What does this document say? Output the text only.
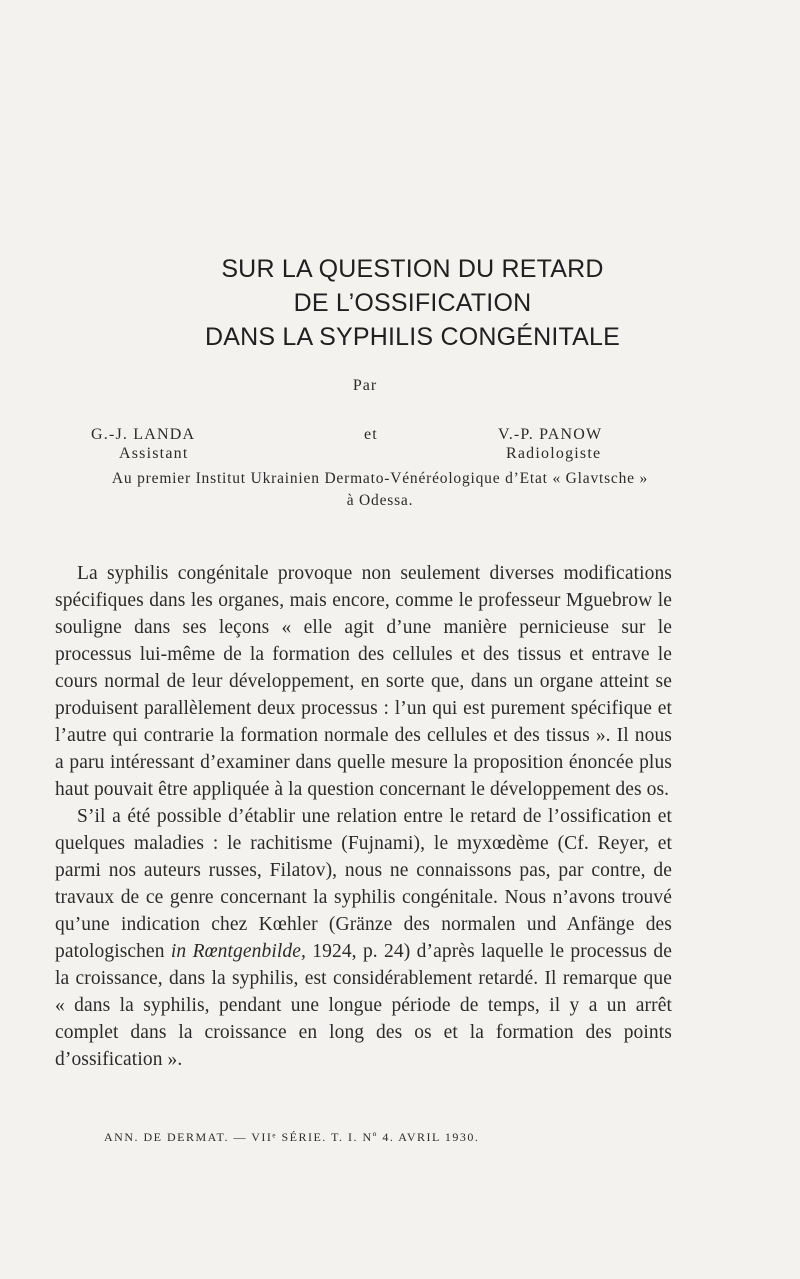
SUR LA QUESTION DU RETARD
DE L’OSSIFICATION
DANS LA SYPHILIS CONGÉNITALE
Par
G.-J. LANDA	et	V.-P. PANOW
Assistant	Radiologiste
Au premier Institut Ukrainien Dermato-Vénéréologique d’Etat « Glavtsche »
à Odessa.

La syphilis congénitale provoque non seulement diverses modifications spécifiques dans les organes, mais encore, comme le professeur Mguebrow le souligne dans ses leçons « elle agit d’une manière pernicieuse sur le processus lui-même de la formation des cellules et des tissus et entrave le cours normal de leur développement, en sorte que, dans un organe atteint se produisent parallèlement deux processus : l’un qui est purement spécifique et l’autre qui contrarie la formation normale des cellules et des tissus ». Il nous a paru intéressant d’examiner dans quelle mesure la proposition énoncée plus haut pouvait être appliquée à la question concernant le développement des os.

S’il a été possible d’établir une relation entre le retard de l’ossification et quelques maladies : le rachitisme (Fujnami), le myxœdème (Cf. Reyer, et parmi nos auteurs russes, Filatov), nous ne connaissons pas, par contre, de travaux de ce genre concernant la syphilis congénitale. Nous n’avons trouvé qu’une indication chez Kœhler (Gränze des normalen und Anfänge des patologischen in Rœntgenbilde, 1924, p. 24) d’après laquelle le processus de la croissance, dans la syphilis, est considérablement retardé. Il remarque que « dans la syphilis, pendant une longue période de temps, il y a un arrêt complet dans la croissance en long des os et la formation des points d’ossification ».

ANN. DE DERMAT. — VIIᵉ SÉRIE. T. I. Nº 4. AVRIL 1930.
